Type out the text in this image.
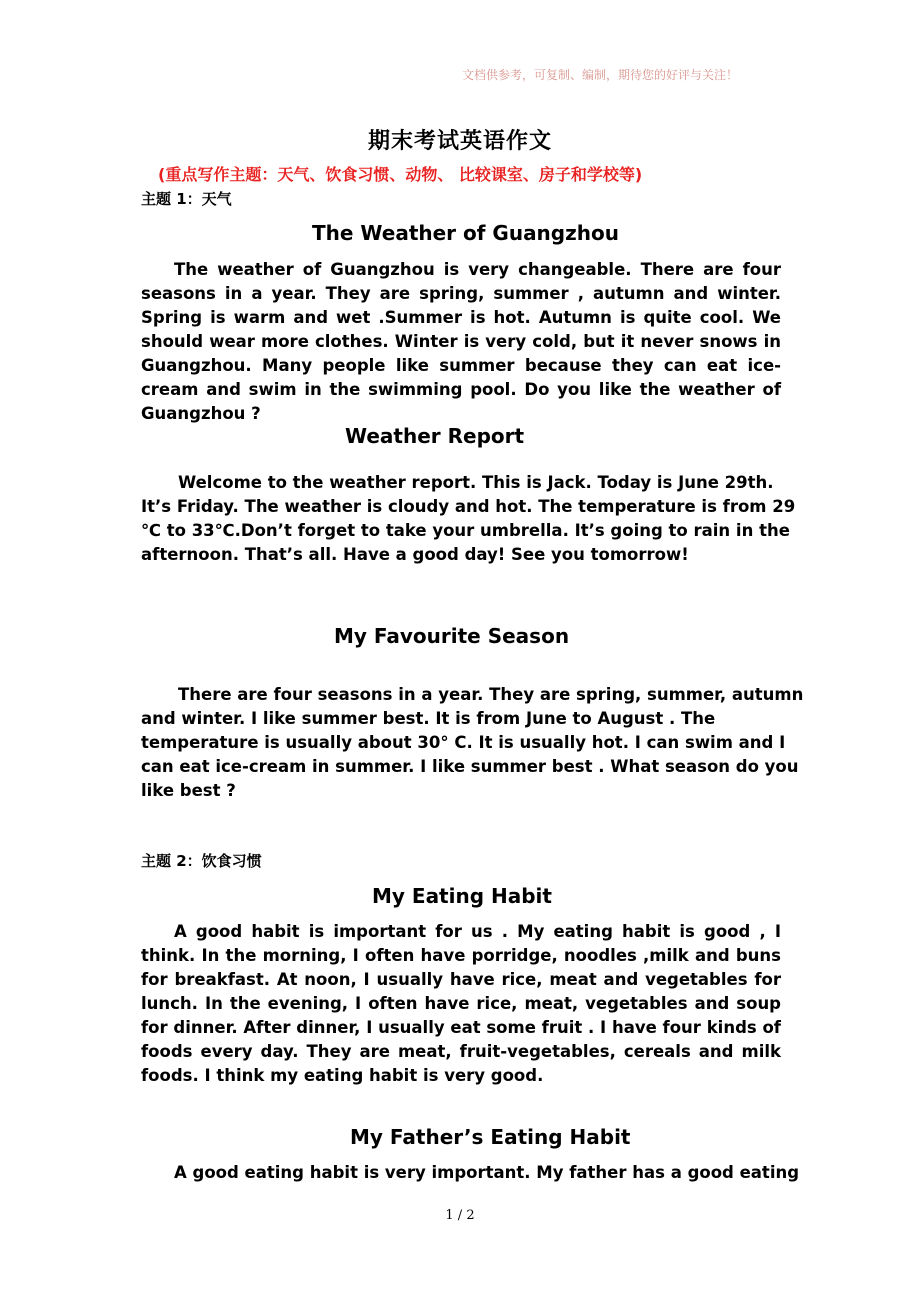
文档供参考，可复制、编制，期待您的好评与关注！
期末考试英语作文
(重点写作主题：天气、饮食习惯、动物、 比较课室、房子和学校等)
主题 1：天气
The Weather of Guangzhou
The weather of Guangzhou is very changeable. There are four seasons in a year. They are spring, summer , autumn and winter. Spring is warm and wet .Summer is hot. Autumn is quite cool. We should wear more clothes. Winter is very cold, but it never snows in Guangzhou. Many people like summer because they can eat ice-cream and swim in the swimming pool. Do you like the weather of Guangzhou ?
Weather Report
Welcome to the weather report. This is Jack. Today is June 29th.
It’s Friday. The weather is cloudy and hot. The temperature is from 29
℃ to 33℃.Don’t forget to take your umbrella. It’s going to rain in the
afternoon. That’s all. Have a good day! See you tomorrow!
My Favourite Season
There are four seasons in a year. They are spring, summer, autumn
and winter. I like summer best. It is from June to August . The
temperature is usually about 30° C. It is usually hot. I can swim and I
can eat ice-cream in summer. I like summer best . What season do you
like best ?
主题 2：饮食习惯
My Eating Habit
A good habit is important for us . My eating habit is good , I think. In the morning, I often have porridge, noodles ,milk and buns for breakfast. At noon, I usually have rice, meat and vegetables for lunch. In the evening, I often have rice, meat, vegetables and soup for dinner. After dinner, I usually eat some fruit . I have four kinds of foods every day. They are meat, fruit-vegetables, cereals and milk foods. I think my eating habit is very good.
My Father’s Eating Habit
A good eating habit is very important. My father has a good eating
1 / 2
